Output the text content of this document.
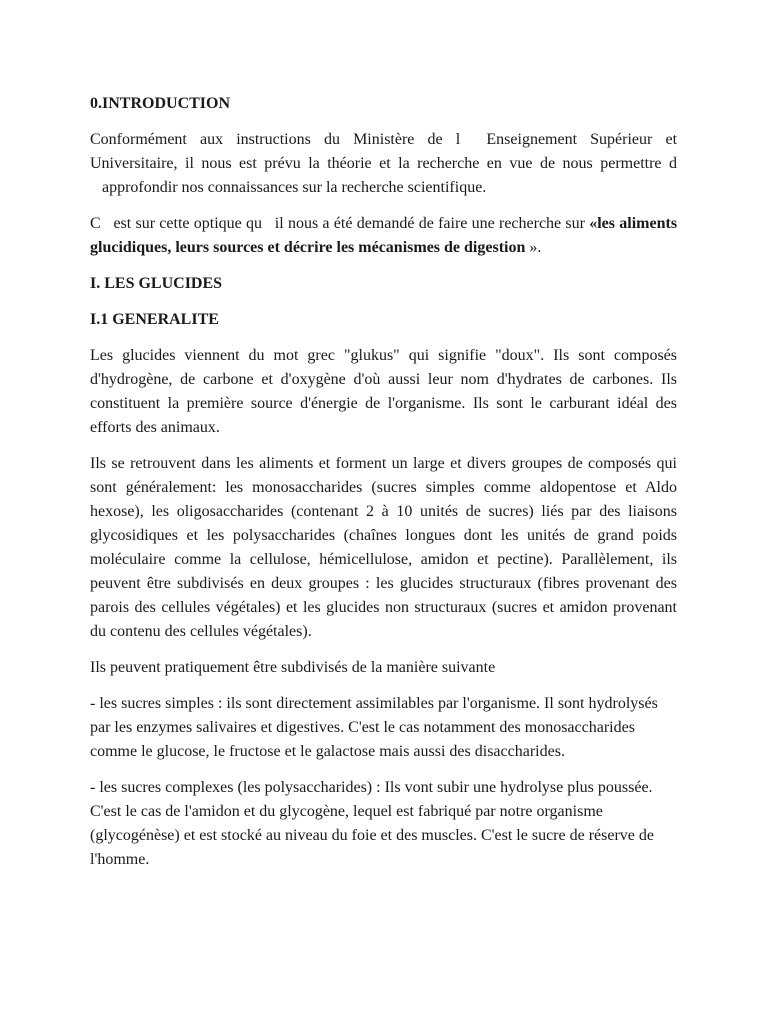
0.INTRODUCTION

Conformément aux instructions du Ministère de l Enseignement Supérieur et Universitaire, il nous est prévu la théorie et la recherche en vue de nous permettre d   approfondir nos connaissances sur la recherche scientifique.

C est sur cette optique qu il nous a été demandé de faire une recherche sur «les aliments glucidiques, leurs sources et décrire les mécanismes de digestion ».

I. LES GLUCIDES

I.1 GENERALITE

Les glucides viennent du mot grec "glukus" qui signifie "doux". Ils sont composés d'hydrogène, de carbone et d'oxygène d'où aussi leur nom d'hydrates de carbones. Ils constituent la première source d'énergie de l'organisme. Ils sont le carburant idéal des efforts des animaux.

Ils se retrouvent dans les aliments et forment un large et divers groupes de composés qui sont généralement: les monosaccharides (sucres simples comme aldopentose et Aldo hexose), les oligosaccharides (contenant 2 à 10 unités de sucres) liés par des liaisons glycosidiques et les polysaccharides (chaînes longues dont les unités de grand poids moléculaire comme la cellulose, hémicellulose, amidon et pectine). Parallèlement, ils peuvent être subdivisés en deux groupes : les glucides structuraux (fibres provenant des parois des cellules végétales) et les glucides non structuraux (sucres et amidon provenant du contenu des cellules végétales).

Ils peuvent pratiquement être subdivisés de la manière suivante

- les sucres simples : ils sont directement assimilables par l'organisme. Il sont hydrolysés par les enzymes salivaires et digestives. C'est le cas notamment des monosaccharides comme le glucose, le fructose et le galactose mais aussi des disaccharides.

- les sucres complexes (les polysaccharides) : Ils vont subir une hydrolyse plus poussée. C'est le cas de l'amidon et du glycogène, lequel est fabriqué par notre organisme (glycogénèse) et est stocké au niveau du foie et des muscles. C'est le sucre de réserve de l'homme.
